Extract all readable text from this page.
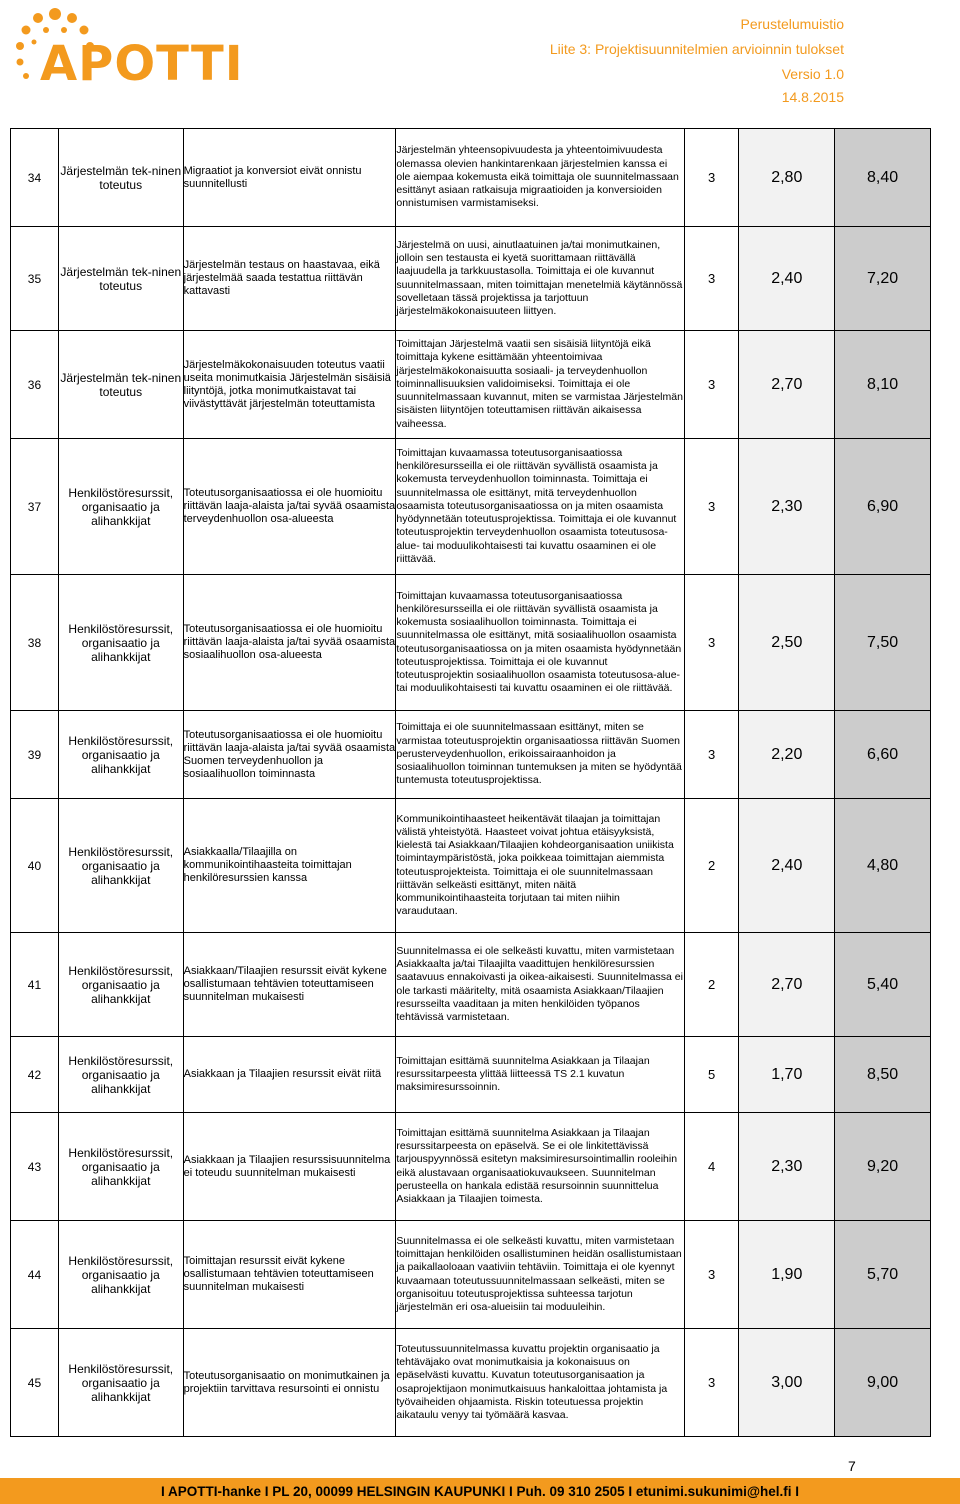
APOTTI
Perustelumuistio
Liite 3: Projektisuunnitelmien arvioinnin tulokset
Versio 1.0
14.8.2015
34	Järjestelmän tek-ninen toteutus	Migraatiot ja konversiot eivät onnistu suunnitellusti	Järjestelmän yhteensopivuudesta ja yhteentoimivuudesta olemassa olevien hankintarenkaan järjestelmien kanssa ei ole aiempaa kokemusta eikä toimittaja ole suunnitelmassaan esittänyt asiaan ratkaisuja migraatioiden ja konversioiden onnistumisen varmistamiseksi.	3	2,80	8,40
35	Järjestelmän tek-ninen toteutus	Järjestelmän testaus on haastavaa, eikä järjestelmää saada testattua riittävän kattavasti	Järjestelmä on uusi, ainutlaatuinen ja/tai monimutkainen, jolloin sen testausta ei kyetä suorittamaan riittävällä laajuudella ja tarkkuustasolla. Toimittaja ei ole kuvannut suunnitelmassaan, miten toimittajan menetelmiä käytännössä sovelletaan tässä projektissa ja tarjottuun järjestelmäkokonaisuuteen liittyen.	3	2,40	7,20
36	Järjestelmän tek-ninen toteutus	Järjestelmäkokonaisuuden toteutus vaatii useita monimutkaisia Järjestelmän sisäisiä liityntöjä, jotka monimutkaistavat tai viivästyttävät järjestelmän toteuttamista	Toimittajan Järjestelmä vaatii sen sisäisiä liityntöjä eikä toimittaja kykene esittämään yhteentoimivaa järjestelmäkokonaisuutta sosiaali- ja terveydenhuollon toiminnallisuuksien validoimiseksi. Toimittaja ei ole suunnitelmassaan kuvannut, miten se varmistaa Järjestelmän sisäisten liityntöjen toteuttamisen riittävän aikaisessa vaiheessa.	3	2,70	8,10
37	Henkilöstöresurssit, organisaatio ja alihankkijat	Toteutusorganisaatiossa ei ole huomioitu riittävän laaja-alaista ja/tai syvää osaamista terveydenhuollon osa-alueesta	Toimittajan kuvaamassa toteutusorganisaatiossa henkilöresursseilla ei ole riittävän syvällistä osaamista ja kokemusta terveydenhuollon toiminnasta. Toimittaja ei suunnitelmassa ole esittänyt, mitä terveydenhuollon osaamista toteutusorganisaatiossa on ja miten osaamista hyödynnetään toteutusprojektissa. Toimittaja ei ole kuvannut toteutusprojektin terveydenhuollon osaamista toteutusosa-alue- tai moduulikohtaisesti tai kuvattu osaaminen ei ole riittävää.	3	2,30	6,90
38	Henkilöstöresurssit, organisaatio ja alihankkijat	Toteutusorganisaatiossa ei ole huomioitu riittävän laaja-alaista ja/tai syvää osaamista sosiaalihuollon osa-alueesta	Toimittajan kuvaamassa toteutusorganisaatiossa henkilöresursseilla ei ole riittävän syvällistä osaamista ja kokemusta sosiaalihuollon toiminnasta. Toimittaja ei suunnitelmassa ole esittänyt, mitä sosiaalihuollon osaamista toteutusorganisaatiossa on ja miten osaamista hyödynnetään toteutusprojektissa. Toimittaja ei ole kuvannut toteutusprojektin sosiaalihuollon osaamista toteutusosa-alue- tai moduulikohtaisesti tai kuvattu osaaminen ei ole riittävää.	3	2,50	7,50
39	Henkilöstöresurssit, organisaatio ja alihankkijat	Toteutusorganisaatiossa ei ole huomioitu riittävän laaja-alaista ja/tai syvää osaamista Suomen terveydenhuollon ja sosiaalihuollon toiminnasta	Toimittaja ei ole suunnitelmassaan esittänyt, miten se varmistaa toteutusprojektin organisaatiossa riittävän Suomen perusterveydenhuollon, erikoissairaanhoidon ja sosiaalihuollon toiminnan tuntemuksen ja miten se hyödyntää tuntemusta toteutusprojektissa.	3	2,20	6,60
40	Henkilöstöresurssit, organisaatio ja alihankkijat	Asiakkaalla/Tilaajilla on kommunikointihaasteita toimittajan henkilöresurssien kanssa	Kommunikointihaasteet heikentävät tilaajan ja toimittajan välistä yhteistyötä. Haasteet voivat johtua etäisyyksistä, kielestä tai Asiakkaan/Tilaajien kohdeorganisaation uniikista toimintaympäristöstä, joka poikkeaa toimittajan aiemmista toteutusprojekteista. Toimittaja ei ole suunnitelmassaan riittävän selkeästi esittänyt, miten näitä kommunikointihaasteita torjutaan tai miten niihin varaudutaan.	2	2,40	4,80
41	Henkilöstöresurssit, organisaatio ja alihankkijat	Asiakkaan/Tilaajien resurssit eivät kykene osallistumaan tehtävien toteuttamiseen suunnitelman mukaisesti	Suunnitelmassa ei ole selkeästi kuvattu, miten varmistetaan Asiakkaalta ja/tai Tilaajilta vaadittujen henkilöresurssien saatavuus ennakoivasti ja oikea-aikaisesti. Suunnitelmassa ei ole tarkasti määritelty, mitä osaamista Asiakkaan/Tilaajien resursseilta vaaditaan ja miten henkilöiden työpanos tehtävissä varmistetaan.	2	2,70	5,40
42	Henkilöstöresurssit, organisaatio ja alihankkijat	Asiakkaan ja Tilaajien resurssit eivät riitä	Toimittajan esittämä suunnitelma Asiakkaan ja Tilaajan resurssitarpeesta ylittää liitteessä TS 2.1 kuvatun maksimiresurssoinnin.	5	1,70	8,50
43	Henkilöstöresurssit, organisaatio ja alihankkijat	Asiakkaan ja Tilaajien resurssisuunnitelma ei toteudu suunnitelman mukaisesti	Toimittajan esittämä suunnitelma Asiakkaan ja Tilaajan resurssitarpeesta on epäselvä. Se ei ole linkitettävissä tarjouspyynnössä esitetyn maksimiresursointimallin rooleihin eikä alustavaan organisaatiokuvaukseen. Suunnitelman perusteella on hankala edistää resursoinnin suunnittelua Asiakkaan ja Tilaajien toimesta.	4	2,30	9,20
44	Henkilöstöresurssit, organisaatio ja alihankkijat	Toimittajan resurssit eivät kykene osallistumaan tehtävien toteuttamiseen suunnitelman mukaisesti	Suunnitelmassa ei ole selkeästi kuvattu, miten varmistetaan toimittajan henkilöiden osallistuminen heidän osallistumistaan ja paikallaoloaan vaativiin tehtäviin. Toimittaja ei ole kyennyt kuvaamaan toteutussuunnitelmassaan selkeästi, miten se organisoituu toteutusprojektissa suhteessa tarjotun järjestelmän eri osa-alueisiin tai moduuleihin.	3	1,90	5,70
45	Henkilöstöresurssit, organisaatio ja alihankkijat	Toteutusorganisaatio on monimutkainen ja projektiin tarvittava resursointi ei onnistu	Toteutussuunnitelmassa kuvattu projektin organisaatio ja tehtäväjako ovat monimutkaisia ja kokonaisuus on epäselvästi kuvattu. Kuvatun toteutusorganisaation ja osaprojektijaon monimutkaisuus hankaloittaa johtamista ja työvaiheiden ohjaamista. Riskin toteutuessa projektin aikataulu venyy tai työmäärä kasvaa.	3	3,00	9,00
7
I APOTTI-hanke I PL 20, 00099 HELSINGIN KAUPUNKI I Puh. 09 310 2505 I etunimi.sukunimi@hel.fi I
